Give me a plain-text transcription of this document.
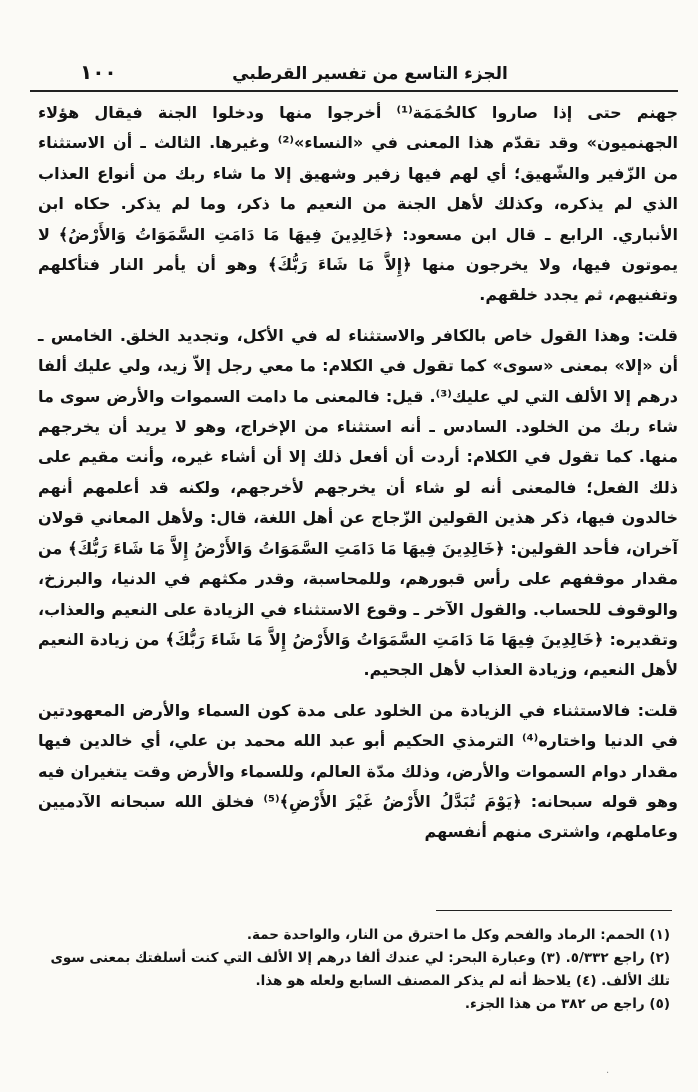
١٠٠	الجزء التاسع من تفسير القرطبي

جهنم حتى إذا صاروا كالحُمَمَة⁽¹⁾ أخرجوا منها ودخلوا الجنة فيقال هؤلاء الجهنميون» وقد تقدّم هذا المعنى في «النساء»⁽²⁾ وغيرها. الثالث ـ أن الاستثناء من الزّفير والشّهيق؛ أي لهم فيها زفير وشهيق إلا ما شاء ربك من أنواع العذاب الذي لم يذكره، وكذلك لأهل الجنة من النعيم ما ذكر، وما لم يذكر. حكاه ابن الأنباري. الرابع ـ قال ابن مسعود: ﴿خَالِدِينَ فِيهَا مَا دَامَتِ السَّمَوَاتُ وَالأَرْضُ﴾ لا يموتون فيها، ولا يخرجون منها ﴿إِلاَّ مَا شَاءَ رَبُّكَ﴾ وهو أن يأمر النار فتأكلهم وتفنيهم، ثم يجدد خلقهم.

قلت: وهذا القول خاص بالكافر والاستثناء له في الأكل، وتجديد الخلق. الخامس ـ أن «إلا» بمعنى «سوى» كما تقول في الكلام: ما معي رجل إلاّ زيد، ولي عليك ألفا درهم إلا الألف التي لي عليك⁽³⁾. قيل: فالمعنى ما دامت السموات والأرض سوى ما شاء ربك من الخلود. السادس ـ أنه استثناء من الإخراج، وهو لا يريد أن يخرجهم منها. كما تقول في الكلام: أردت أن أفعل ذلك إلا أن أشاء غيره، وأنت مقيم على ذلك الفعل؛ فالمعنى أنه لو شاء أن يخرجهم لأخرجهم، ولكنه قد أعلمهم أنهم خالدون فيها، ذكر هذين القولين الزّجاج عن أهل اللغة، قال: ولأهل المعاني قولان آخران، فأحد القولين: ﴿خَالِدِينَ فِيهَا مَا دَامَتِ السَّمَوَاتُ وَالأَرْضُ إِلاَّ مَا شَاءَ رَبُّكَ﴾ من مقدار موقفهم على رأس قبورهم، وللمحاسبة، وقدر مكثهم في الدنيا، والبرزخ، والوقوف للحساب. والقول الآخر ـ وقوع الاستثناء في الزيادة على النعيم والعذاب، وتقديره: ﴿خَالِدِينَ فِيهَا مَا دَامَتِ السَّمَوَاتُ وَالأَرْضُ إِلاَّ مَا شَاءَ رَبُّكَ﴾ من زيادة النعيم لأهل النعيم، وزيادة العذاب لأهل الجحيم.

قلت: فالاستثناء في الزيادة من الخلود على مدة كون السماء والأرض المعهودتين في الدنيا واختاره⁽⁴⁾ الترمذي الحكيم أبو عبد الله محمد بن علي، أي خالدين فيها مقدار دوام السموات والأرض، وذلك مدّة العالم، وللسماء والأرض وقت يتغيران فيه وهو قوله سبحانه: ﴿يَوْمَ تُبَدَّلُ الأَرْضُ غَيْرَ الأَرْضِ﴾⁽⁵⁾ فخلق الله سبحانه الآدميين وعاملهم، واشترى منهم أنفسهم

(١) الحمم: الرماد والفحم وكل ما احترق من النار، والواحدة حمة.

(٢) راجع ٥/٣٣٢. (٣) وعبارة البحر: لي عندك ألفا درهم إلا الألف التي كنت أسلفتك بمعنى سوى تلك الألف. (٤) يلاحظ أنه لم يذكر المصنف السابع ولعله هو هذا.

(٥) راجع ص ٣٨٢ من هذا الجزء.

·
